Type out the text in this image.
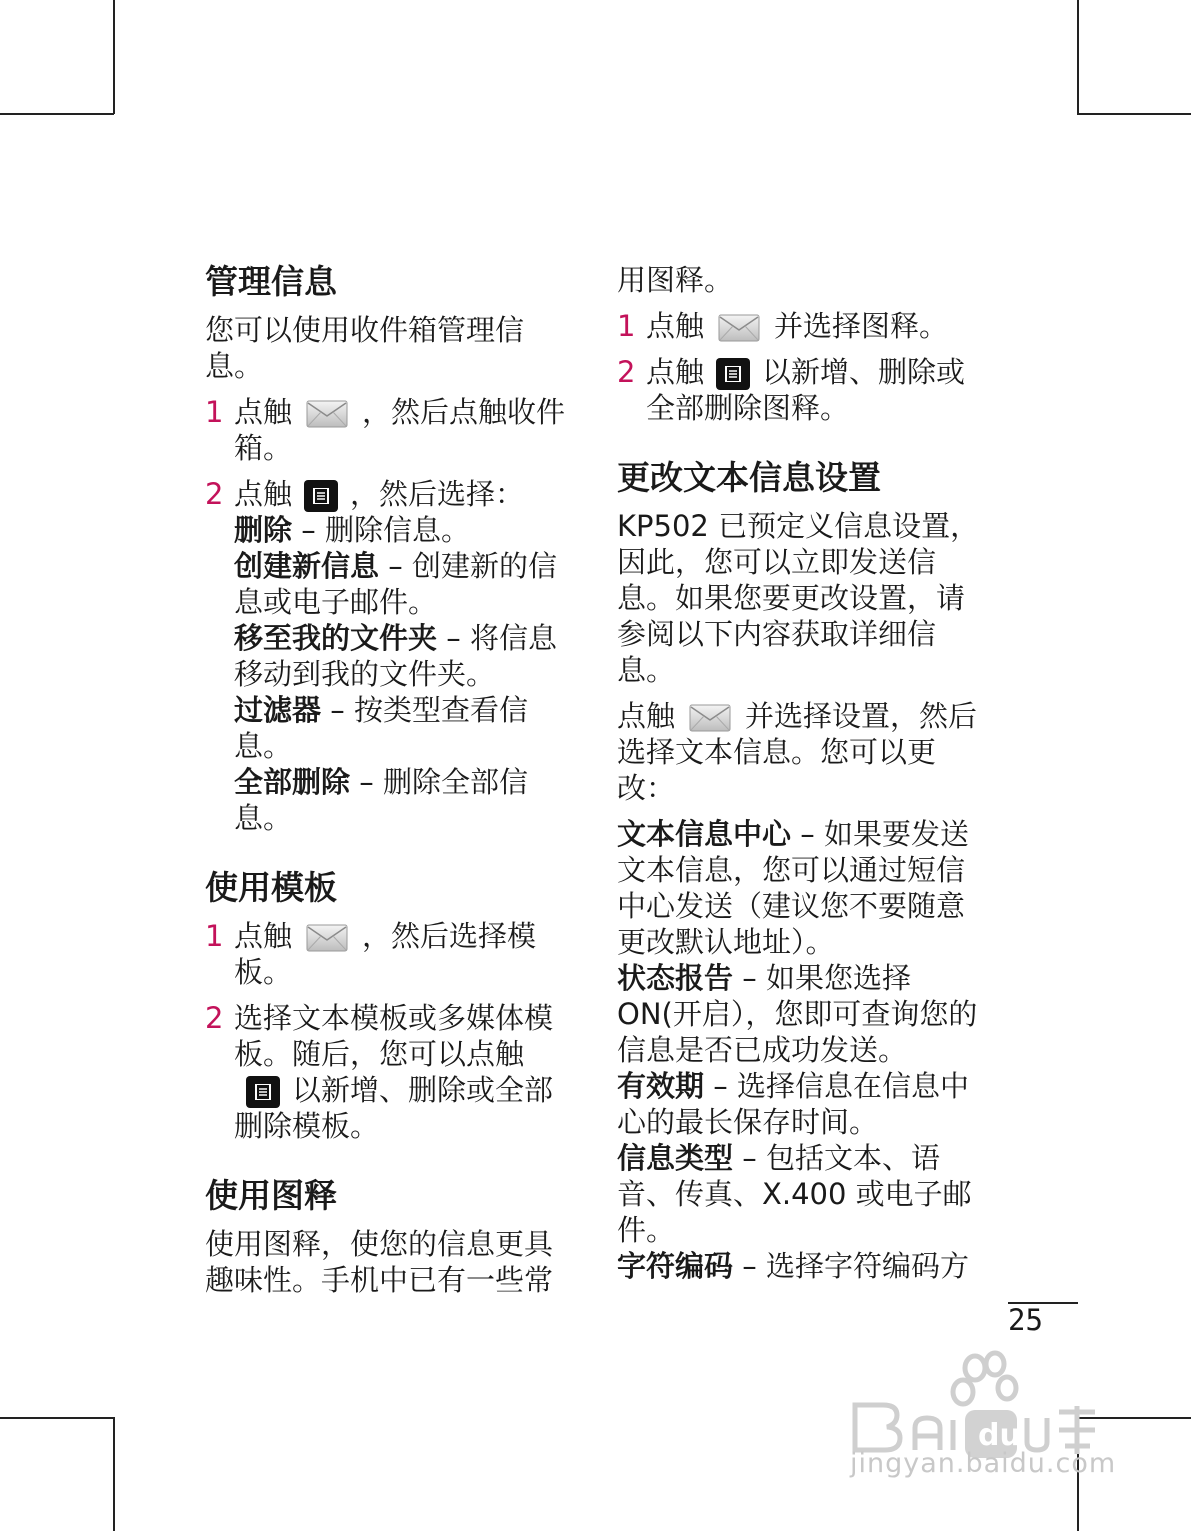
管理信息

您可以使用收件箱管理信息。

1 点触 ，然后点触收件箱。
2 点触 ，然后选择：
删除 – 删除信息。
创建新信息 – 创建新的信息或电子邮件。
移至我的文件夹 – 将信息移动到我的文件夹。
过滤器 – 按类型查看信息。
全部删除 – 删除全部信息。
使用模板
1 点触 ，然后选择模板。
2 选择文本模板或多媒体模板。随后，您可以点触
以新增、删除或全部删除模板。
使用图释

使用图释，使您的信息更具趣味性。手机中已有一些常

用图释。

1 点触 并选择图释。
2 点触 以新增、删除或全部删除图释。
更改文本信息设置

KP502 已预定义信息设置，因此，您可以立即发送信息。如果您要更改设置，请参阅以下内容获取详细信息。

点触 并选择设置，然后选择文本信息。您可以更改：

文本信息中心 – 如果要发送文本信息，您可以通过短信中心发送（建议您不要随意更改默认地址）。
状态报告 – 如果您选择ON(开启），您即可查询您的信息是否已成功发送。
有效期 – 选择信息在信息中心的最长保存时间。
信息类型 – 包括文本、语音、传真、X.400 或电子邮件。
字符编码 – 选择字符编码方
25
du
jingyan.baidu.com
